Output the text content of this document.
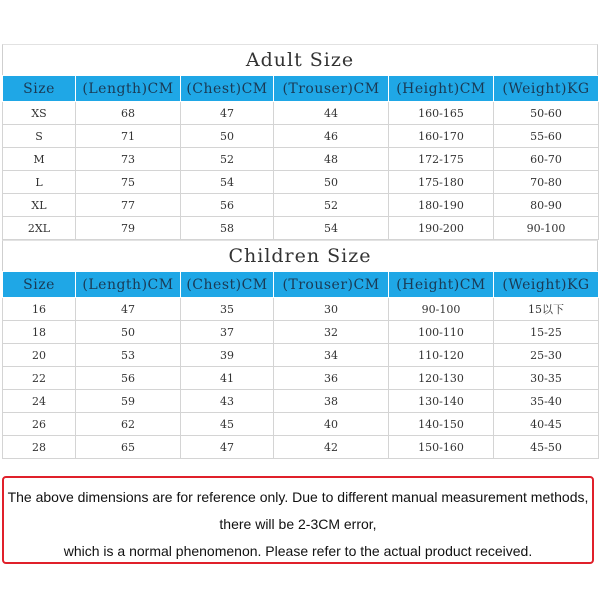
Adult Size
Size	(Length)CM	(Chest)CM	(Trouser)CM	(Height)CM	(Weight)KG
XS	68	47	44	160-165	50-60
S	71	50	46	160-170	55-60
M	73	52	48	172-175	60-70
L	75	54	50	175-180	70-80
XL	77	56	52	180-190	80-90
2XL	79	58	54	190-200	90-100
Children Size
Size	(Length)CM	(Chest)CM	(Trouser)CM	(Height)CM	(Weight)KG
16	47	35	30	90-100	15以下
18	50	37	32	100-110	15-25
20	53	39	34	110-120	25-30
22	56	41	36	120-130	30-35
24	59	43	38	130-140	35-40
26	62	45	40	140-150	40-45
28	65	47	42	150-160	45-50

The above dimensions are for reference only. Due to different manual measurement methods,

there will be 2-3CM error,

which is a normal phenomenon. Please refer to the actual product received.
